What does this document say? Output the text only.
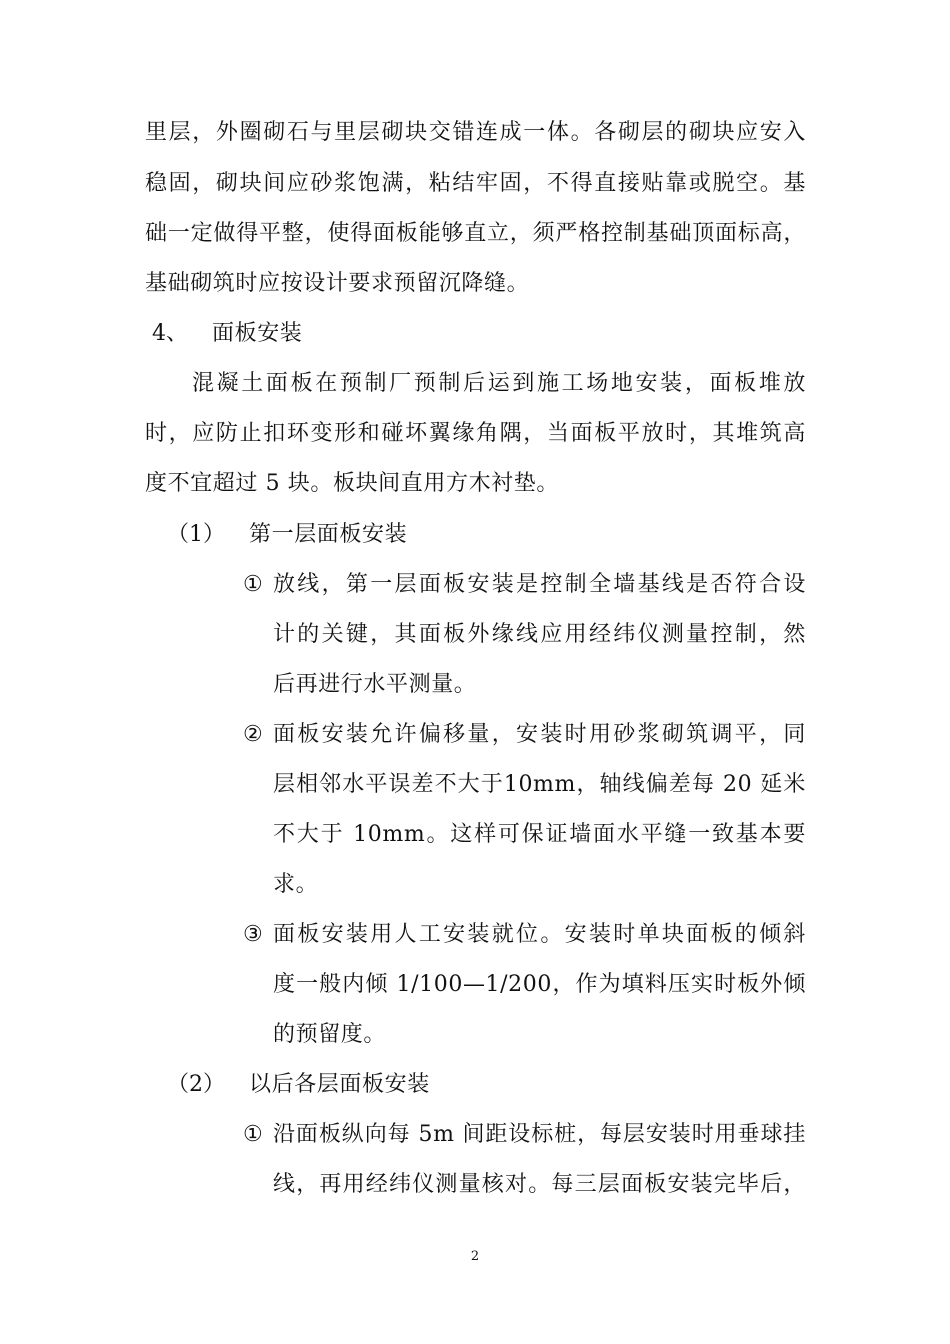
里层，外圈砌石与里层砌块交错连成一体。各砌层的砌块应安入
稳固，砌块间应砂浆饱满，粘结牢固，不得直接贴靠或脱空。基
础一定做得平整，使得面板能够直立，须严格控制基础顶面标高，
基础砌筑时应按设计要求预留沉降缝。
4、 面板安装
混凝土面板在预制厂预制后运到施工场地安装，面板堆放
时，应防止扣环变形和碰坏翼缘角隅，当面板平放时，其堆筑高
度不宜超过 5 块。板块间直用方木衬垫。
（1） 第一层面板安装
① 放线，第一层面板安装是控制全墙基线是否符合设
计的关键，其面板外缘线应用经纬仪测量控制，然
后再进行水平测量。
② 面板安装允许偏移量，安装时用砂浆砌筑调平，同
层相邻水平误差不大于10mm，轴线偏差每 20 延米
不大于 10mm。这样可保证墙面水平缝一致基本要
求。
③ 面板安装用人工安装就位。安装时单块面板的倾斜
度一般内倾 1/100—1/200，作为填料压实时板外倾
的预留度。
（2） 以后各层面板安装
① 沿面板纵向每 5m 间距设标桩，每层安装时用垂球挂
线，再用经纬仪测量核对。每三层面板安装完毕后，
2
